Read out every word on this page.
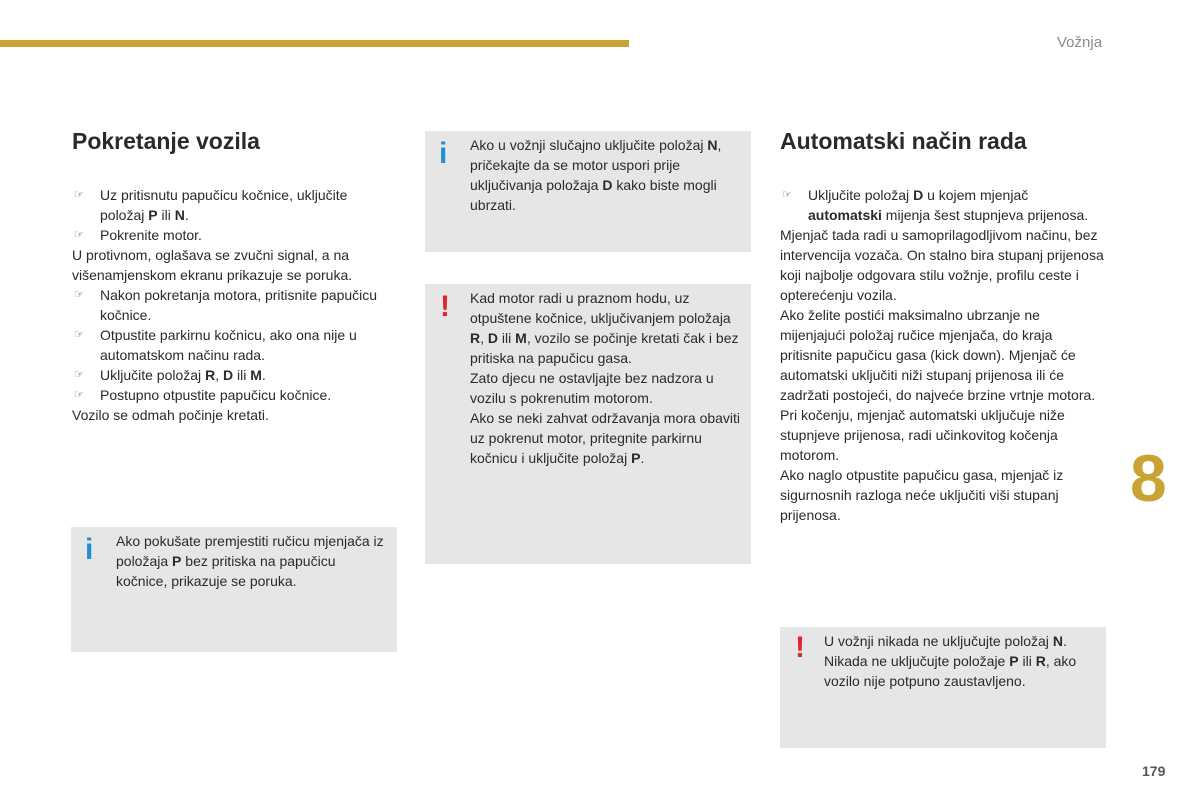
Vožnja
8
179
Pokretanje vozila

☞ Uz pritisnutu papučicu kočnice, uključite položaj P ili N.

☞ Pokrenite motor.

U protivnom, oglašava se zvučni signal, a na višenamjenskom ekranu prikazuje se poruka.

☞ Nakon pokretanja motora, pritisnite papučicu kočnice.

☞ Otpustite parkirnu kočnicu, ako ona nije u automatskom načinu rada.

☞ Uključite položaj R, D ili M.

☞ Postupno otpustite papučicu kočnice.

Vozilo se odmah počinje kretati.

i Ako pokušate premjestiti ručicu mjenjača iz položaja P bez pritiska na papučicu kočnice, prikazuje se poruka.

i Ako u vožnji slučajno uključite položaj N, pričekajte da se motor uspori prije uključivanja položaja D kako biste mogli ubrzati.

! Kad motor radi u praznom hodu, uz otpuštene kočnice, uključivanjem položaja R, D ili M, vozilo se počinje kretati čak i bez pritiska na papučicu gasa.

Zato djecu ne ostavljajte bez nadzora u vozilu s pokrenutim motorom.

Ako se neki zahvat održavanja mora obaviti uz pokrenut motor, pritegnite parkirnu kočnicu i uključite položaj P.

Automatski način rada

☞ Uključite položaj D u kojem mjenjač automatski mijenja šest stupnjeva prijenosa.

Mjenjač tada radi u samoprilagodljivom načinu, bez intervencija vozača. On stalno bira stupanj prijenosa koji najbolje odgovara stilu vožnje, profilu ceste i opterećenju vozila.

Ako želite postići maksimalno ubrzanje ne mijenjajući položaj ručice mjenjača, do kraja pritisnite papučicu gasa (kick down). Mjenjač će automatski uključiti niži stupanj prijenosa ili će zadržati postojeći, do najveće brzine vrtnje motora.

Pri kočenju, mjenjač automatski uključuje niže stupnjeve prijenosa, radi učinkovitog kočenja motorom.

Ako naglo otpustite papučicu gasa, mjenjač iz sigurnosnih razloga neće uključiti viši stupanj prijenosa.

! U vožnji nikada ne uključujte položaj N.

Nikada ne uključujte položaje P ili R, ako vozilo nije potpuno zaustavljeno.
